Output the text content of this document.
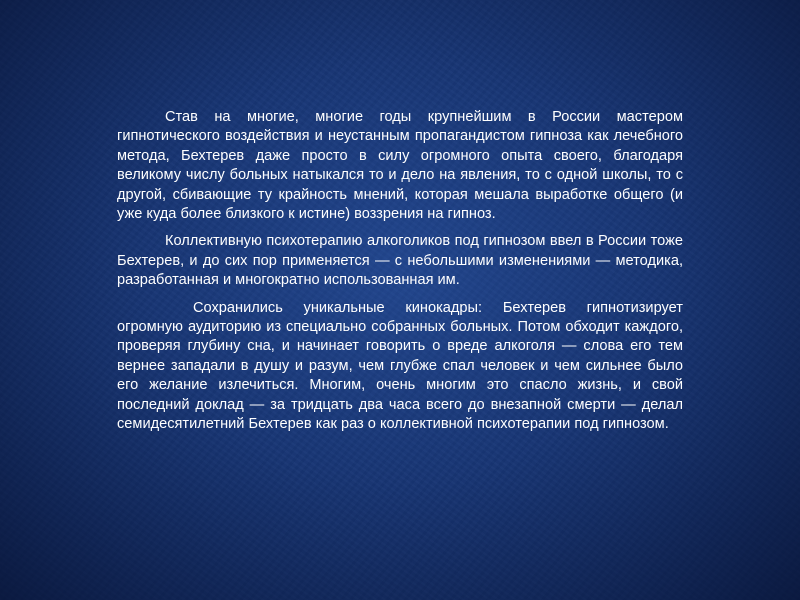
Став на многие, многие годы крупнейшим в России мастером гипнотического воздействия и неустанным пропагандистом гипноза как лечебного метода, Бехтерев даже просто в силу огромного опыта своего, благодаря великому числу больных натыкался то и дело на явления, то с одной школы, то с другой, сбивающие ту крайность мнений, которая мешала выработке общего (и уже куда более близкого к истине) воззрения на гипноз.

Коллективную психотерапию алкоголиков под гипнозом ввел в России тоже Бехтерев, и до сих пор применяется — с небольшими изменениями — методика, разработанная и многократно использованная им.

Сохранились уникальные кинокадры: Бехтерев гипнотизирует огромную аудиторию из специально собранных больных. Потом обходит каждого, проверяя глубину сна, и начинает говорить о вреде алкоголя — слова его тем вернее западали в душу и разум, чем глубже спал человек и чем сильнее было его желание излечиться. Многим, очень многим это спасло жизнь, и свой последний доклад — за тридцать два часа всего до внезапной смерти — делал семидесятилетний Бехтерев как раз о коллективной психотерапии под гипнозом.
